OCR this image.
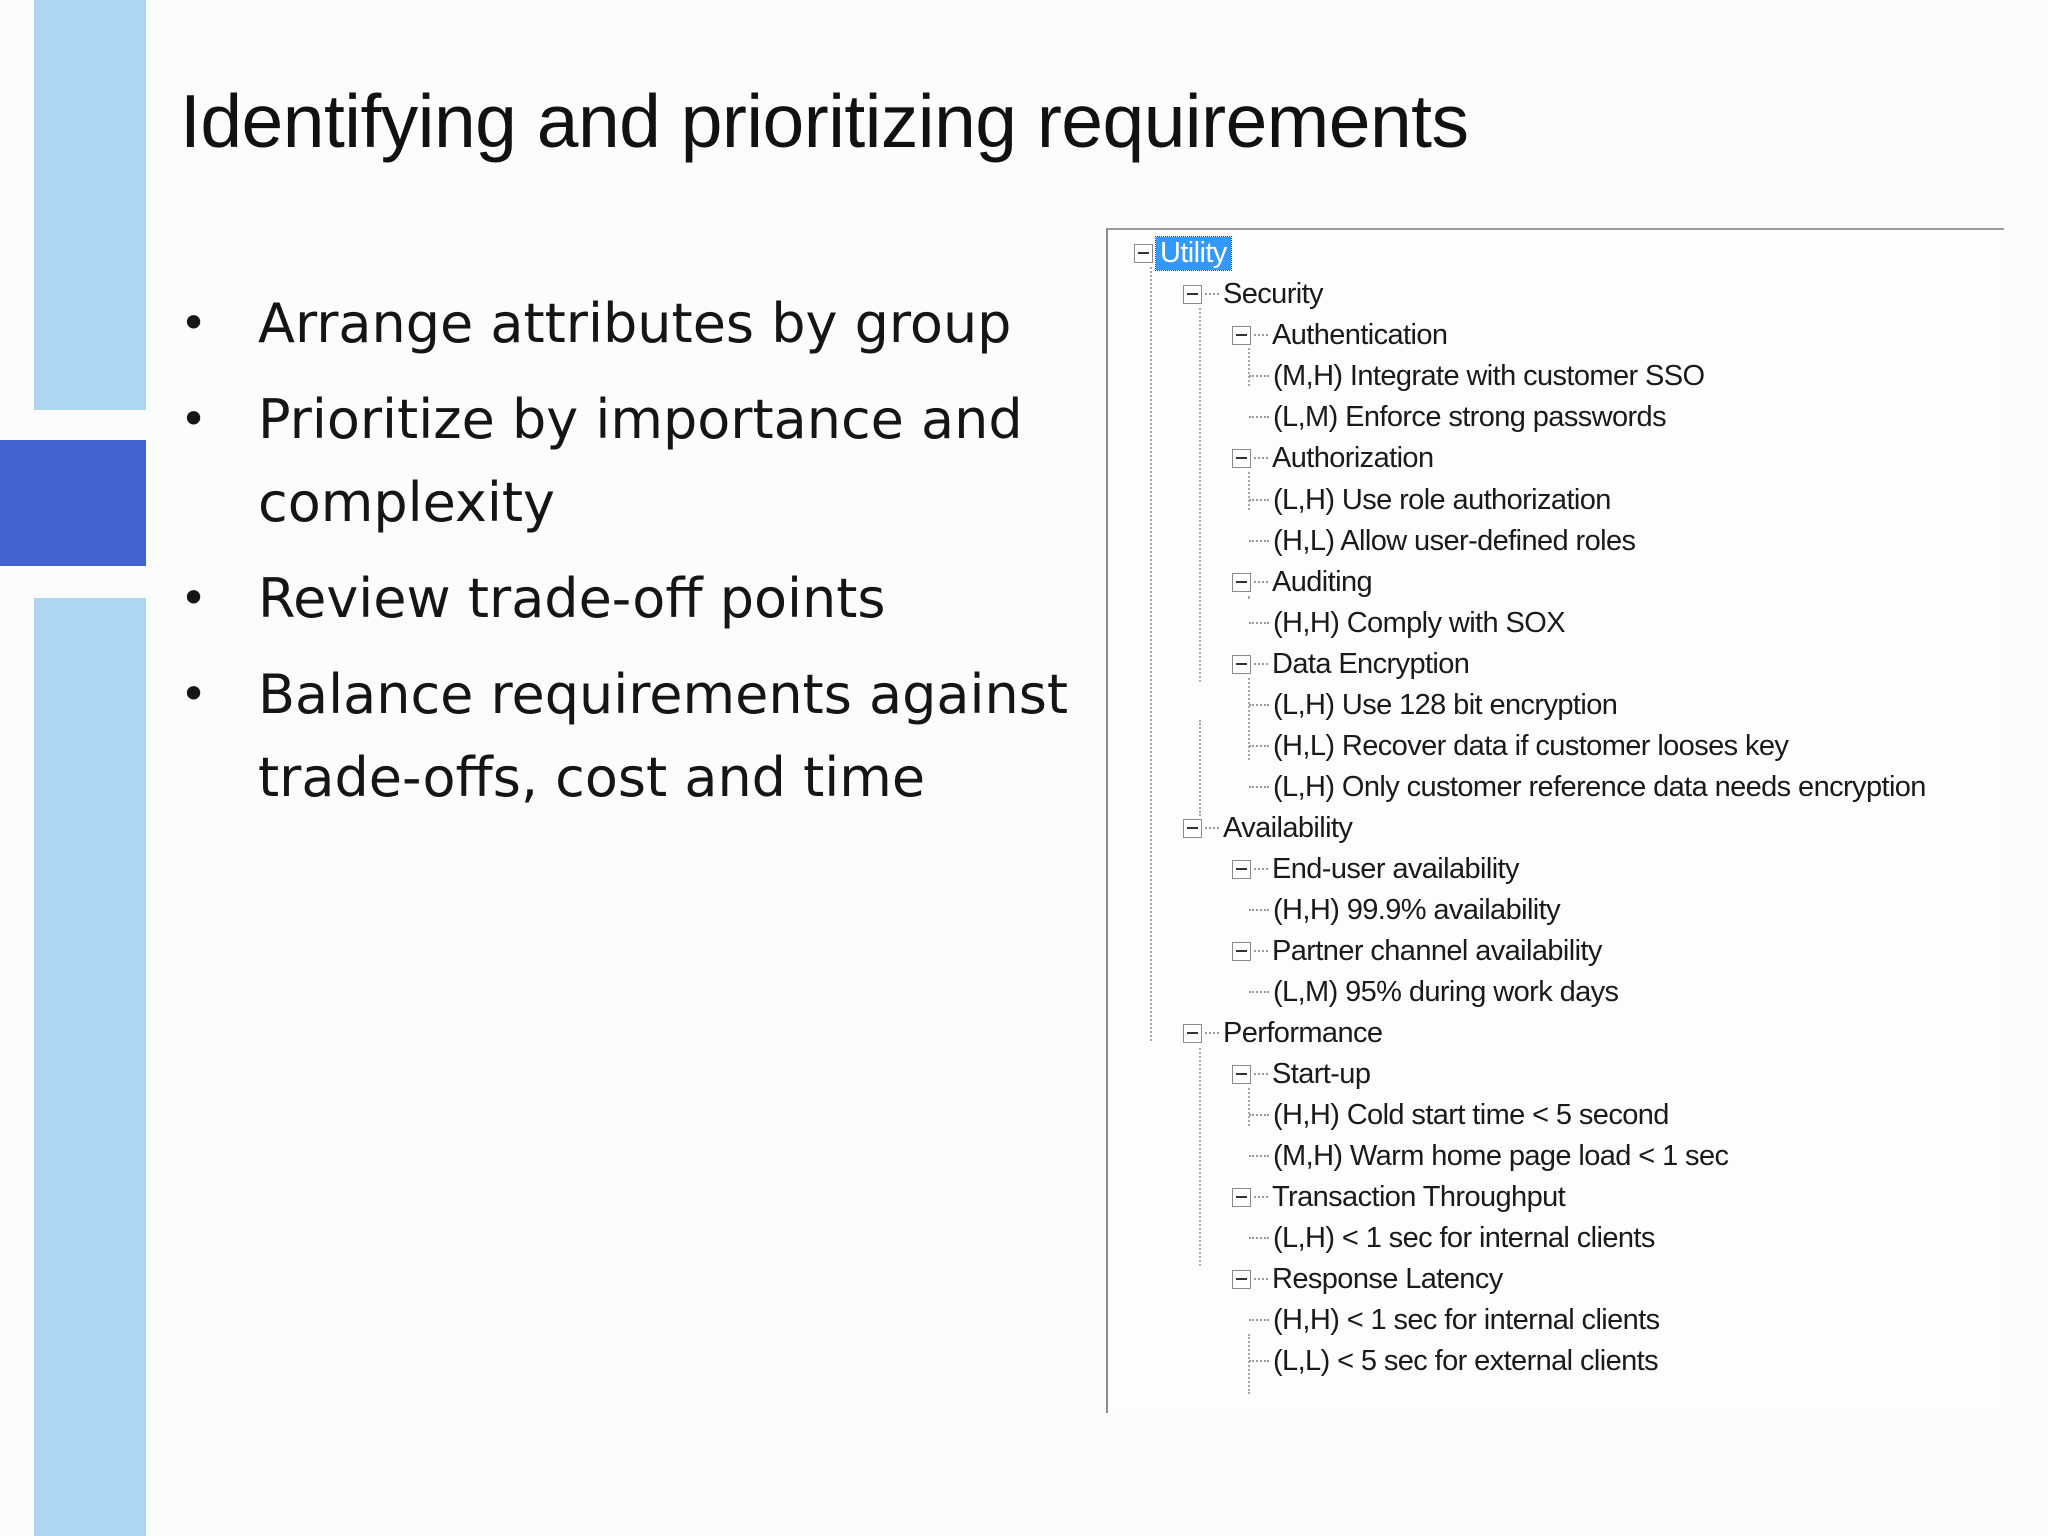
Identifying and prioritizing requirements
• Arrange attributes by group
• Prioritize by importance and complexity
• Review trade-off points
• Balance requirements against trade-offs, cost and time
Utility
Security
Authentication
(M,H) Integrate with customer SSO
(L,M) Enforce strong passwords
Authorization
(L,H) Use role authorization
(H,L) Allow user-defined roles
Auditing
(H,H) Comply with SOX
Data Encryption
(L,H) Use 128 bit encryption
(H,L) Recover data if customer looses key
(L,H) Only customer reference data needs encryption
Availability
End-user availability
(H,H) 99.9% availability
Partner channel availability
(L,M) 95% during work days
Performance
Start-up
(H,H) Cold start time < 5 second
(M,H) Warm home page load < 1 sec
Transaction Throughput
(L,H) < 1 sec for internal clients
Response Latency
(H,H) < 1 sec for internal clients
(L,L) < 5 sec for external clients
